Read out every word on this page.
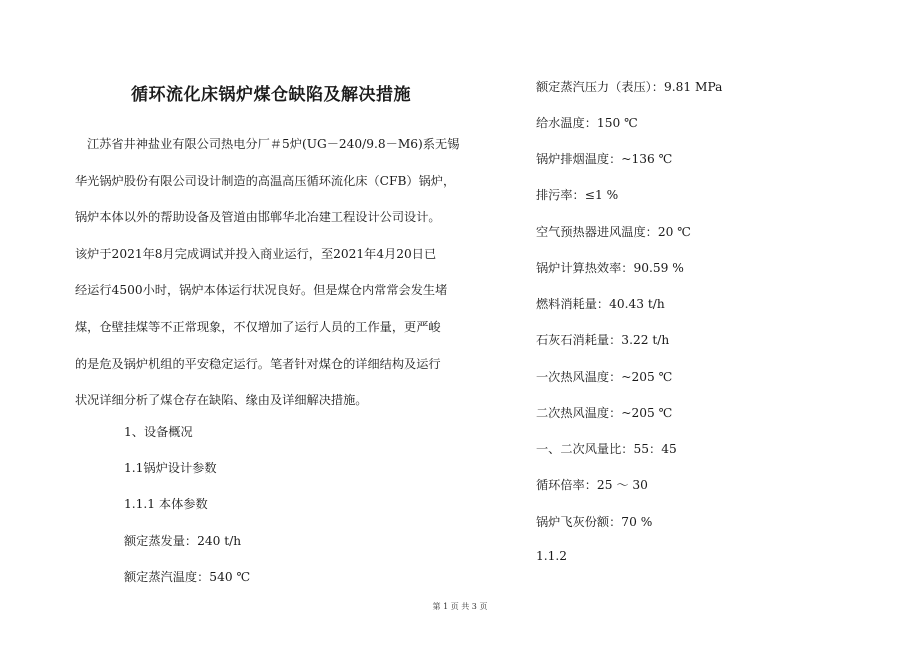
循环流化床锅炉煤仓缺陷及解决措施
江苏省井神盐业有限公司热电分厂＃5炉(UG－240/9.8－M6)系无锡
华光锅炉股份有限公司设计制造的高温高压循环流化床（CFB）锅炉，
锅炉本体以外的帮助设备及管道由邯郸华北冶建工程设计公司设计。
该炉于2021年8月完成调试并投入商业运行，至2021年4月20日已
经运行4500小时，锅炉本体运行状况良好。但是煤仓内常常会发生堵
煤，仓壁挂煤等不正常现象，不仅增加了运行人员的工作量，更严峻
的是危及锅炉机组的平安稳定运行。笔者针对煤仓的详细结构及运行
状况详细分析了煤仓存在缺陷、缘由及详细解决措施。
1、设备概况
1.1锅炉设计参数
1.1.1 本体参数
额定蒸发量：240 t/h
额定蒸汽温度：540 ℃
额定蒸汽压力（表压）：9.81 MPa
给水温度：150 ℃
锅炉排烟温度：~136 ℃
排污率：≤1 %
空气预热器进风温度：20 ℃
锅炉计算热效率：90.59 %
燃料消耗量：40.43 t/h
石灰石消耗量：3.22 t/h
一次热风温度：~205 ℃
二次热风温度：~205 ℃
一、二次风量比：55：45
循环倍率：25 ～ 30
锅炉飞灰份额：70 %
1.1.2
第 1 页 共 3 页
